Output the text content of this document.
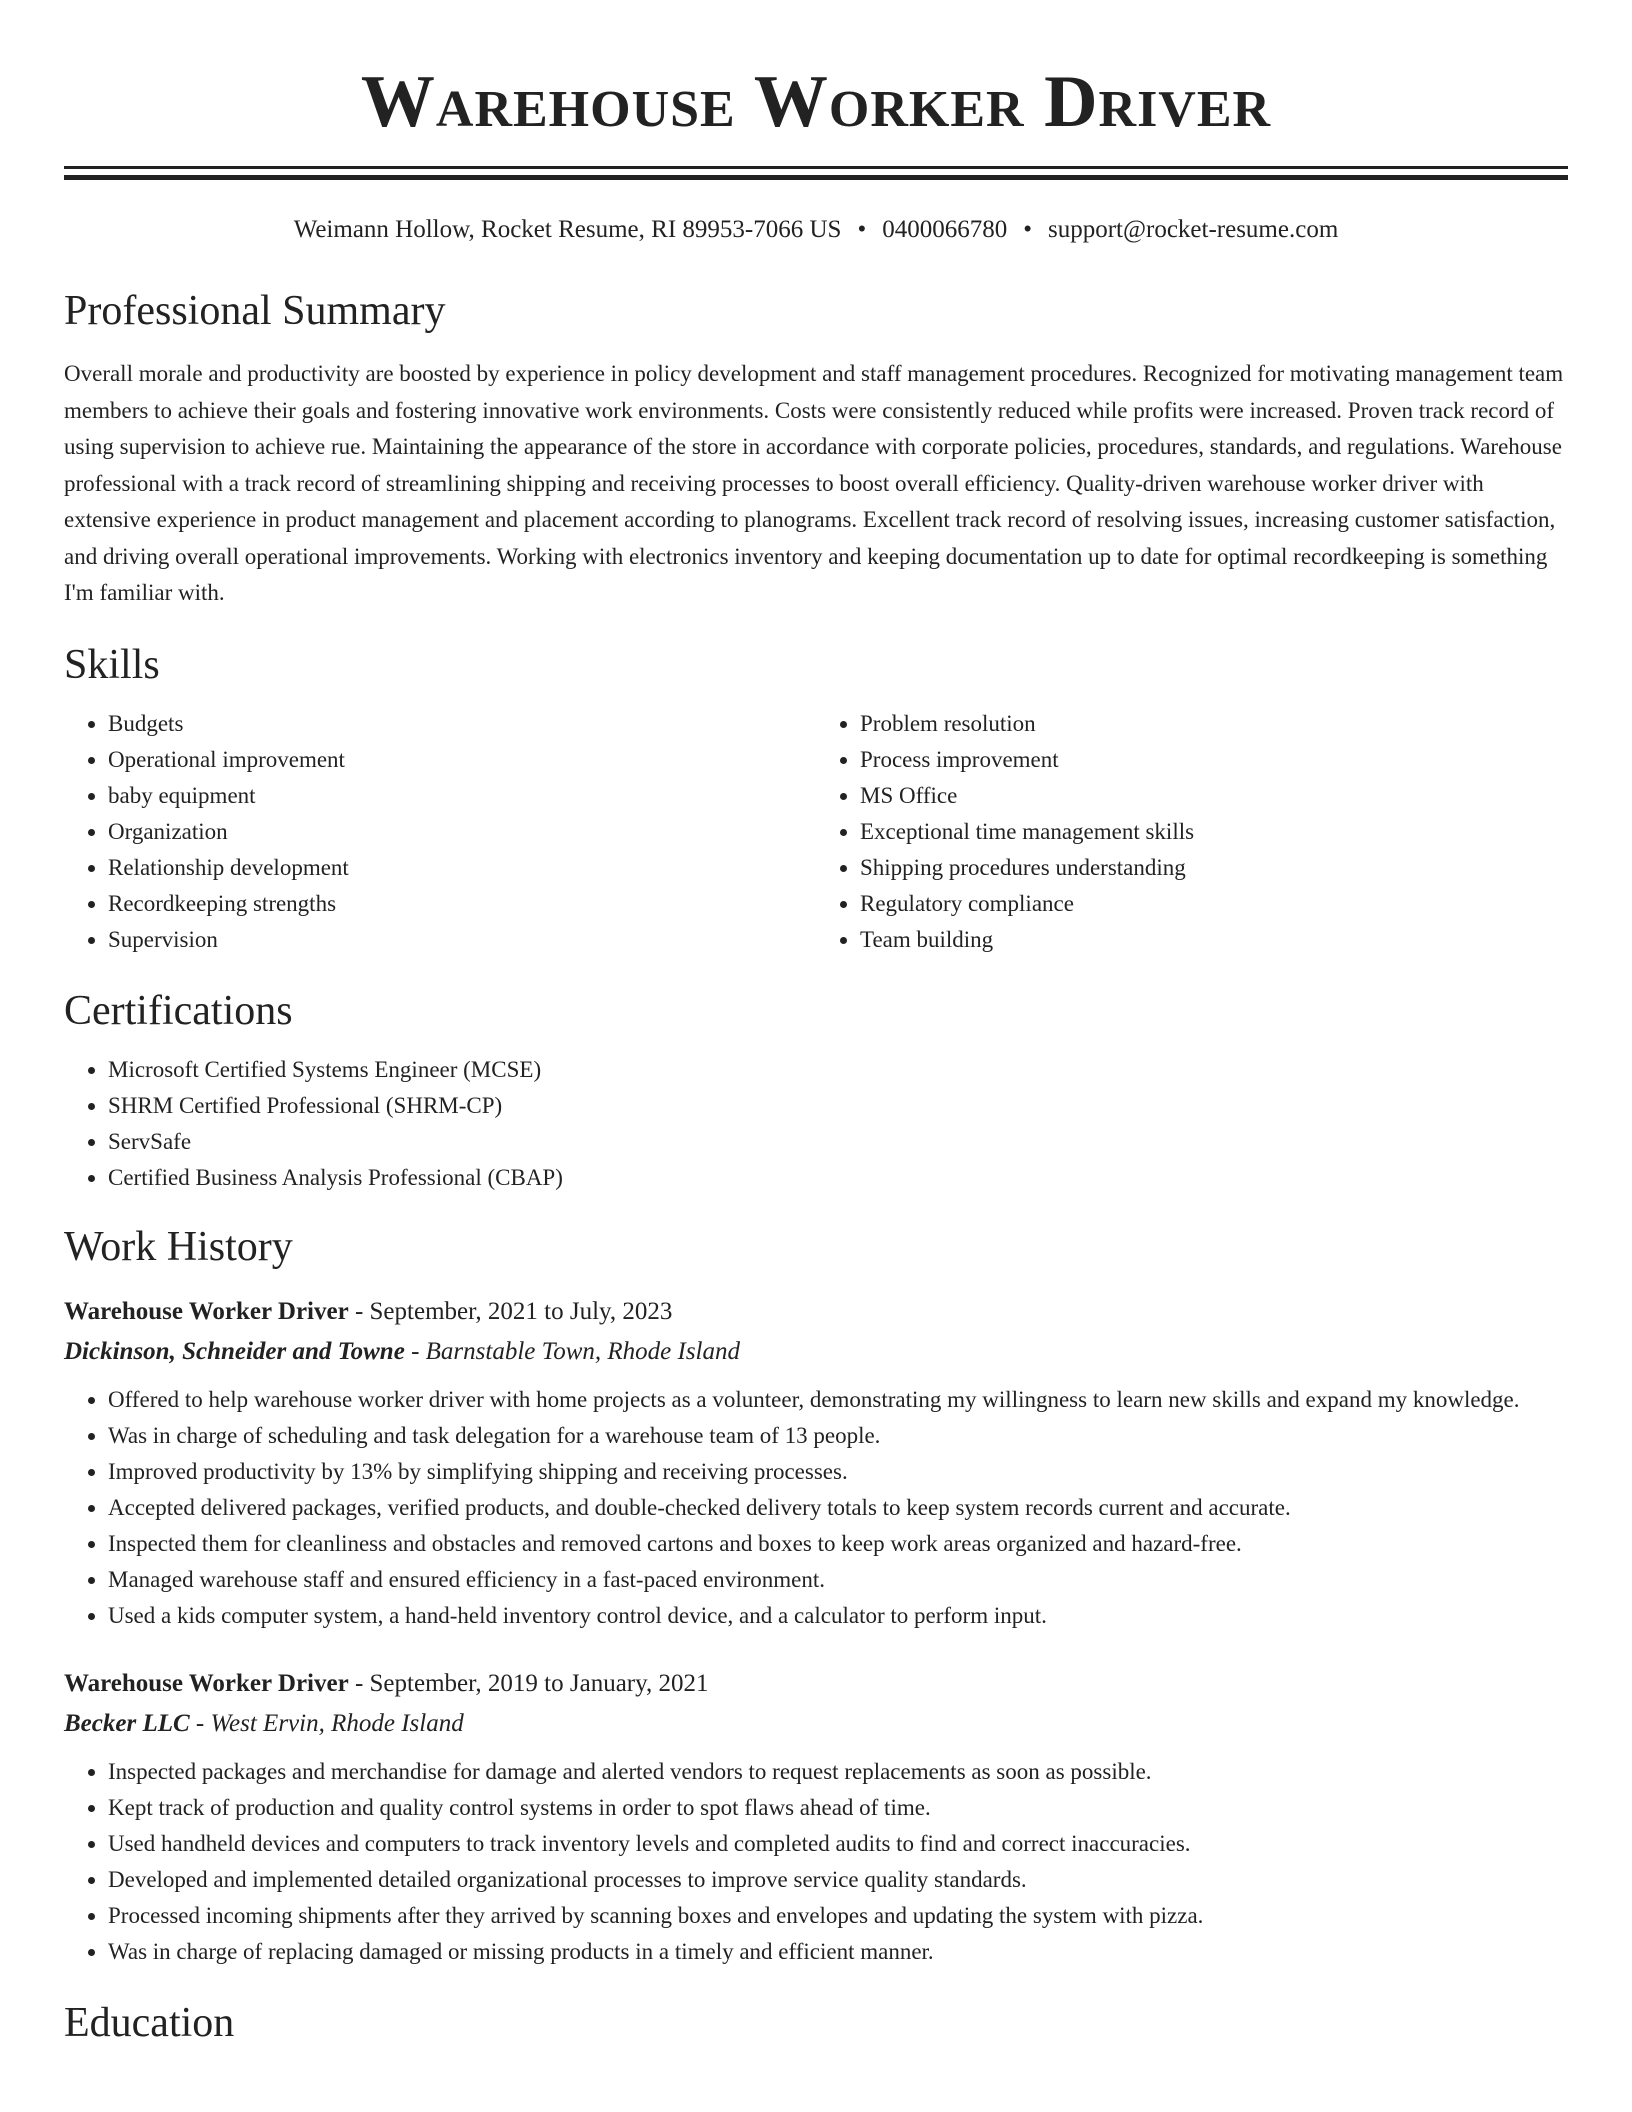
Warehouse Worker Driver
Weimann Hollow, Rocket Resume, RI 89953-7066 US • 0400066780 • support@rocket-resume.com
Professional Summary

Overall morale and productivity are boosted by experience in policy development and staff management procedures. Recognized for motivating management team members to achieve their goals and fostering innovative work environments. Costs were consistently reduced while profits were increased. Proven track record of using supervision to achieve rue. Maintaining the appearance of the store in accordance with corporate policies, procedures, standards, and regulations. Warehouse professional with a track record of streamlining shipping and receiving processes to boost overall efficiency. Quality-driven warehouse worker driver with extensive experience in product management and placement according to planograms. Excellent track record of resolving issues, increasing customer satisfaction, and driving overall operational improvements. Working with electronics inventory and keeping documentation up to date for optimal recordkeeping is something I'm familiar with.

Skills
• Budgets
• Operational improvement
• baby equipment
• Organization
• Relationship development
• Recordkeeping strengths
• Supervision
• Problem resolution
• Process improvement
• MS Office
• Exceptional time management skills
• Shipping procedures understanding
• Regulatory compliance
• Team building
Certifications
• Microsoft Certified Systems Engineer (MCSE)
• SHRM Certified Professional (SHRM-CP)
• ServSafe
• Certified Business Analysis Professional (CBAP)
Work History
Warehouse Worker Driver - September, 2021 to July, 2023
Dickinson, Schneider and Towne - Barnstable Town, Rhode Island
• Offered to help warehouse worker driver with home projects as a volunteer, demonstrating my willingness to learn new skills and expand my knowledge.
• Was in charge of scheduling and task delegation for a warehouse team of 13 people.
• Improved productivity by 13% by simplifying shipping and receiving processes.
• Accepted delivered packages, verified products, and double-checked delivery totals to keep system records current and accurate.
• Inspected them for cleanliness and obstacles and removed cartons and boxes to keep work areas organized and hazard-free.
• Managed warehouse staff and ensured efficiency in a fast-paced environment.
• Used a kids computer system, a hand-held inventory control device, and a calculator to perform input.
Warehouse Worker Driver - September, 2019 to January, 2021
Becker LLC - West Ervin, Rhode Island
• Inspected packages and merchandise for damage and alerted vendors to request replacements as soon as possible.
• Kept track of production and quality control systems in order to spot flaws ahead of time.
• Used handheld devices and computers to track inventory levels and completed audits to find and correct inaccuracies.
• Developed and implemented detailed organizational processes to improve service quality standards.
• Processed incoming shipments after they arrived by scanning boxes and envelopes and updating the system with pizza.
• Was in charge of replacing damaged or missing products in a timely and efficient manner.
Education
